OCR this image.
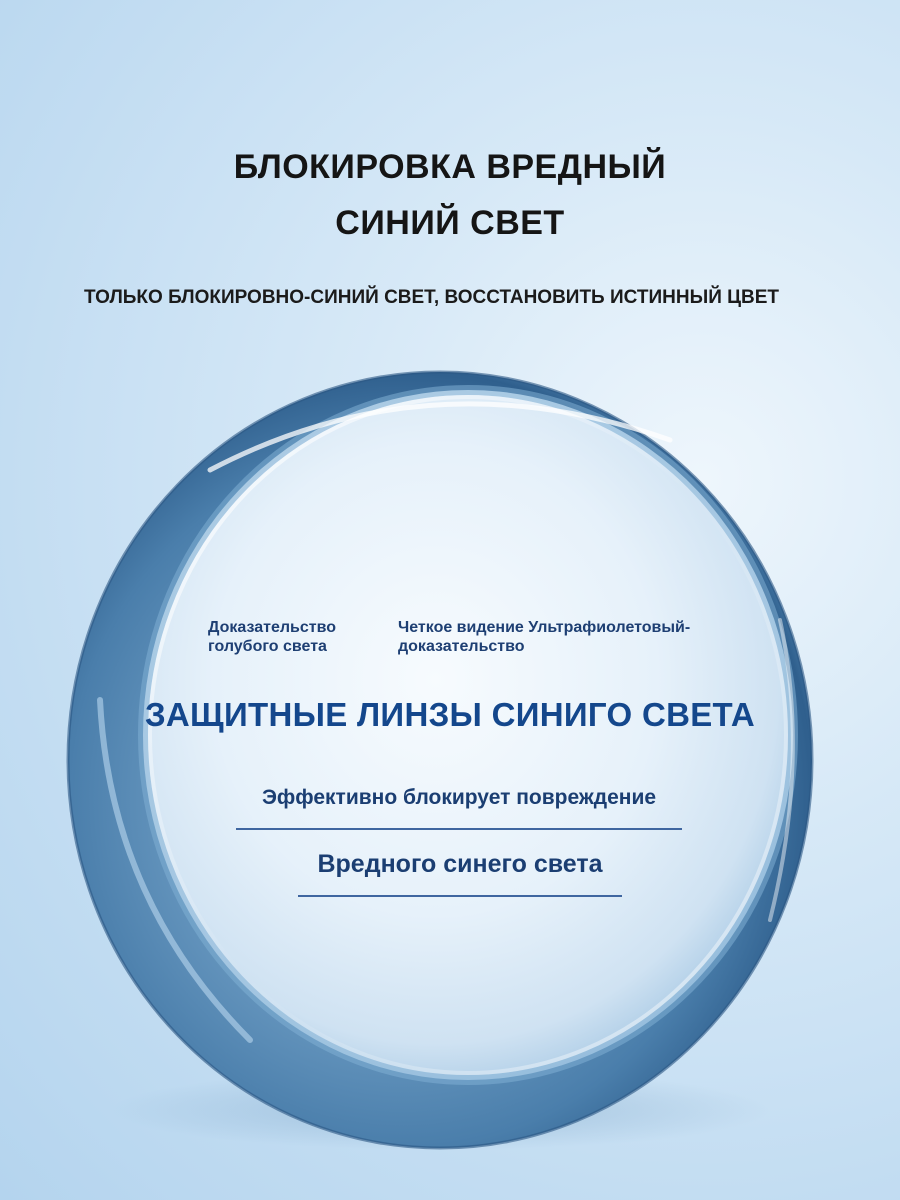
БЛОКИРОВКА ВРЕДНЫЙ
СИНИЙ СВЕТ

ТОЛЬКО БЛОКИРОВНО-СИНИЙ СВЕТ, ВОССТАНОВИТЬ ИСТИННЫЙ ЦВЕТ

Доказательство
голубого света

Четкое видение Ультрафиолетовый-
доказательство

ЗАЩИТНЫЕ ЛИНЗЫ СИНИГО СВЕТА

Эффективно блокирует повреждение

Вредного синего света
